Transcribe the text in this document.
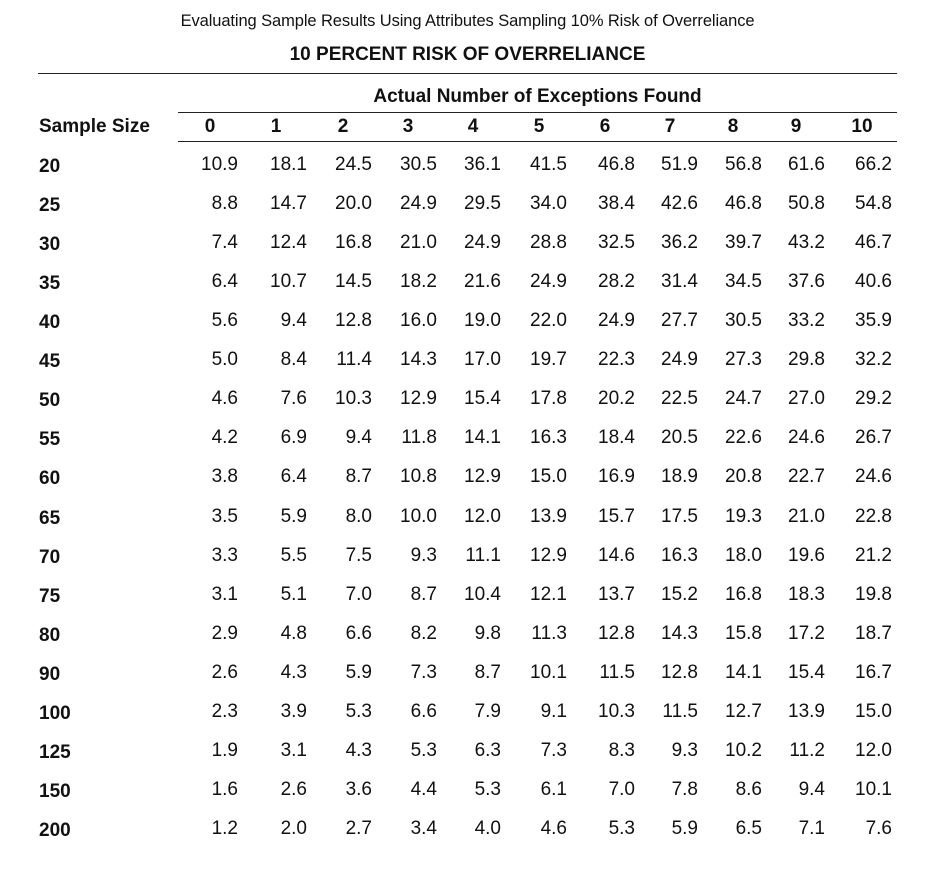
Evaluating Sample Results Using Attributes Sampling 10% Risk of Overreliance
10 PERCENT RISK OF OVERRELIANCE
Actual Number of Exceptions Found
Sample Size	0	1	2	3	4	5	6	7	8	9	10
20	10.9	18.1	24.5	30.5	36.1	41.5	46.8	51.9	56.8	61.6	66.2
25	8.8	14.7	20.0	24.9	29.5	34.0	38.4	42.6	46.8	50.8	54.8
30	7.4	12.4	16.8	21.0	24.9	28.8	32.5	36.2	39.7	43.2	46.7
35	6.4	10.7	14.5	18.2	21.6	24.9	28.2	31.4	34.5	37.6	40.6
40	5.6	9.4	12.8	16.0	19.0	22.0	24.9	27.7	30.5	33.2	35.9
45	5.0	8.4	11.4	14.3	17.0	19.7	22.3	24.9	27.3	29.8	32.2
50	4.6	7.6	10.3	12.9	15.4	17.8	20.2	22.5	24.7	27.0	29.2
55	4.2	6.9	9.4	11.8	14.1	16.3	18.4	20.5	22.6	24.6	26.7
60	3.8	6.4	8.7	10.8	12.9	15.0	16.9	18.9	20.8	22.7	24.6
65	3.5	5.9	8.0	10.0	12.0	13.9	15.7	17.5	19.3	21.0	22.8
70	3.3	5.5	7.5	9.3	11.1	12.9	14.6	16.3	18.0	19.6	21.2
75	3.1	5.1	7.0	8.7	10.4	12.1	13.7	15.2	16.8	18.3	19.8
80	2.9	4.8	6.6	8.2	9.8	11.3	12.8	14.3	15.8	17.2	18.7
90	2.6	4.3	5.9	7.3	8.7	10.1	11.5	12.8	14.1	15.4	16.7
100	2.3	3.9	5.3	6.6	7.9	9.1	10.3	11.5	12.7	13.9	15.0
125	1.9	3.1	4.3	5.3	6.3	7.3	8.3	9.3	10.2	11.2	12.0
150	1.6	2.6	3.6	4.4	5.3	6.1	7.0	7.8	8.6	9.4	10.1
200	1.2	2.0	2.7	3.4	4.0	4.6	5.3	5.9	6.5	7.1	7.6
